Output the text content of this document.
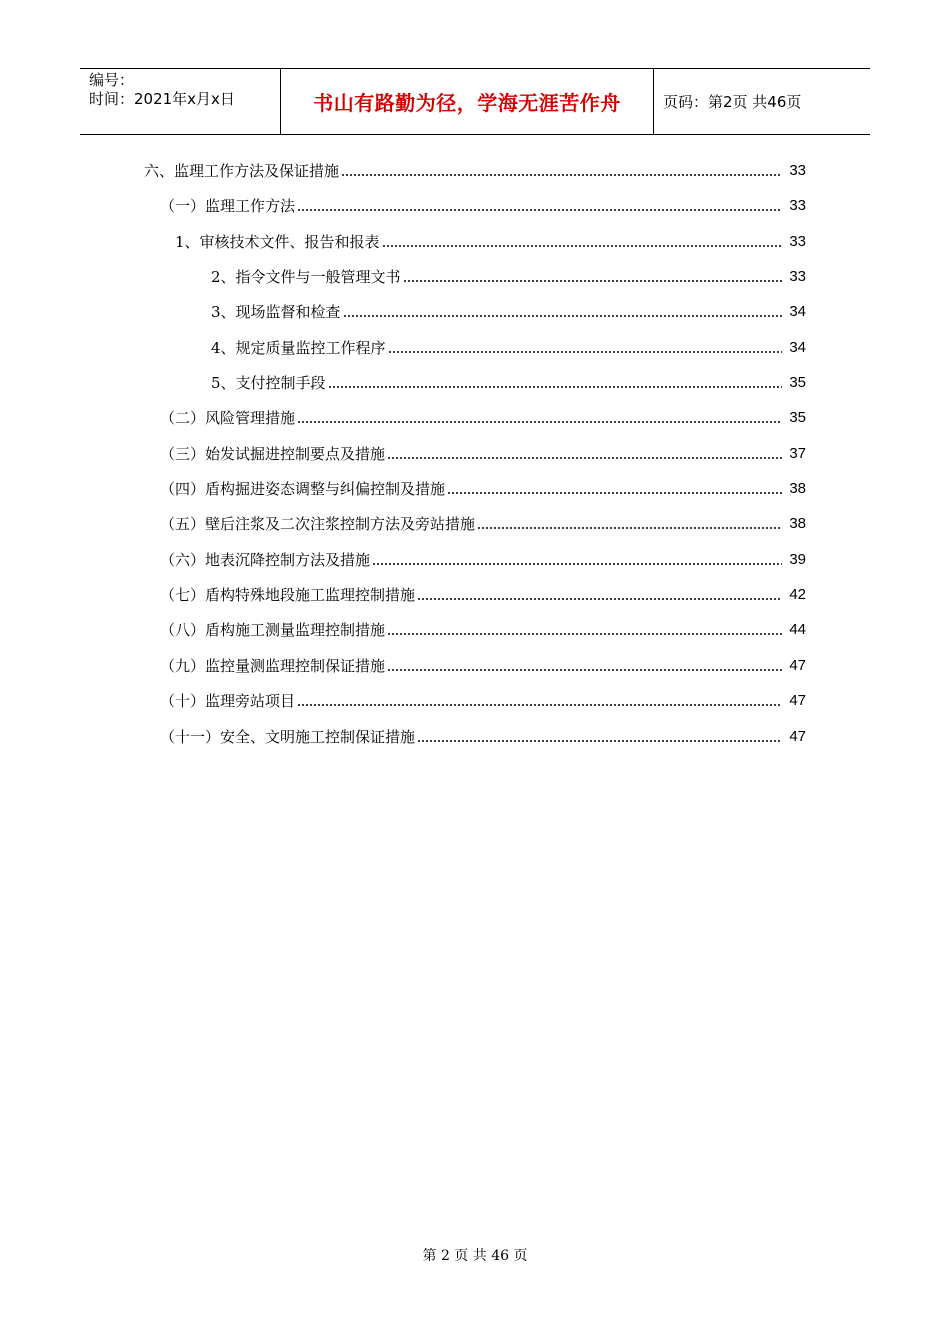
编号：
时间：2021年x月x日	书山有路勤为径，学海无涯苦作舟	页码：第2页 共46页
六、监理工作方法及保证措施	33
（一）监理工作方法	33
1、审核技术文件、报告和报表	33
2、指令文件与一般管理文书	33
3、现场监督和检查	34
4、规定质量监控工作程序	34
5、支付控制手段	35
（二）风险管理措施	35
（三）始发试掘进控制要点及措施	37
（四）盾构掘进姿态调整与纠偏控制及措施	38
（五）壁后注浆及二次注浆控制方法及旁站措施	38
（六）地表沉降控制方法及措施	39
（七）盾构特殊地段施工监理控制措施	42
（八）盾构施工测量监理控制措施	44
（九）监控量测监理控制保证措施	47
（十）监理旁站项目	47
（十一）安全、文明施工控制保证措施	47
第 2 页 共 46 页
